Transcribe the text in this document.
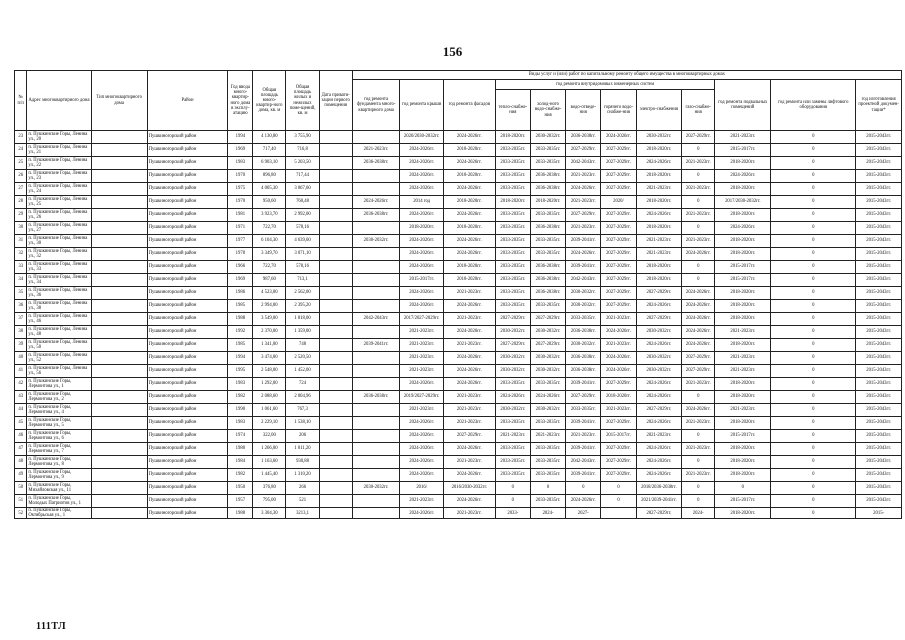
156
№ п/п	Адрес многоквартирного дома	Тип многоквартирного дома	Район	Год ввода много-квартир-ного дома в эксплу-атацию	Общая площадь много-квартир-ного дома, кв. м	Общая площадь жилых и нежилых поме-щений, кв. м	Дата привати-зации первого помещения	Виды услуг и (или) работ по капитальному ремонту общего имущества в многоквартирных домах											
								год ремонта фундамента много-квартирного дома	год ремонта крыши	год ремонта фасадов	год ремонта внутридомовых инженерных систем						год ремонта подвальных помещений	год ремонта или замены лифтового оборудования	год изготовления проектной докумен-тации*
											тепло-снабже-ния	холод-ного водо-снабже-ния	водо-отведе-ния	горячего водо-снабже-ния	электро-снабжения	газо-снабже-ния			
23	п. Пушкинские Горы, Ленина ул., 20		Пушкиногорский район	1994	4 130,80	3 755,90			2020/2030-2032гг.	2024-2026гг.	2018-2020гг.	2030-2032гг.	2036-2038гг.	2024-2026гг.	2030-2032гг.	2027-2029гг.	2021-2023гг.	0	2015-2043гг.
24	п. Пушкинские Горы, Ленина ул., 21		Пушкиногорский район	1969	717,40	716,8		2021-2023гг.	2024-2026гг.	2018-2020гг.	2033-2035гг.	2033-2035гг.	2027-2029гг.	2027-2029гг.	2018-2020гг.	0	2015-2017гг.	0	2015-2043гг.
25	п. Пушкинские Горы, Ленина ул., 22		Пушкиногорский район	1983	6 903,10	5 203,50		2036-2038гг.	2024-2026гг.	2024-2026гг.	2033-2035гг.	2033-2035гг.	2042-2043гг.	2027-2029гг.	2024-2026гг.	2021-2023гг.	2018-2020гг.	0	2015-2043гг.
26	п. Пушкинские Горы, Ленина ул., 23		Пушкиногорский район	1970	896,80	717,44			2024-2026гг.	2018-2020гг.	2033-2035гг.	2036-2038гг.	2021-2023гг.	2027-2029гг.	2018-2020гг.	0	2024-2026гг.	0	2015-2043гг.
27	п. Пушкинские Горы, Ленина ул., 24		Пушкиногорский район	1975	4 005,30	3 067,60			2024-2026гг.	2024-2026гг.	2033-2035гг.	2036-2038гг.	2024-2026гг.	2027-2029гг.	2021-2023гг.	2021-2023гг.	2018-2020гг.	0	2015-2043гг.
28	п. Пушкинские Горы, Ленина ул., 25		Пушкиногорский район	1970	950,60	760,48		2024-2026гг.	2014 год	2018-2020гг.	2018-2020гг.	2018-2020гг.	2021-2023гг.	2020/	2018-2020гг.	0	2017/2030-2032гг.	0	2015-2043гг.
29	п. Пушкинские Горы, Ленина ул., 26		Пушкиногорский район	1981	3 923,70	2 992,00		2036-2038гг.	2024-2026гг.	2024-2026гг.	2033-2035гг.	2033-2035гг.	2027-2029гг.	2027-2029гг.	2024-2026гг.	2021-2023гг.	2018-2020гг.	0	2015-2043гг.
30	п. Пушкинские Горы, Ленина ул., 27		Пушкиногорский район	1971	722,70	578,16			2018-2020гг.	2018-2020гг.	2033-2035гг.	2036-2038гг.	2021-2023гг.	2027-2029гг.	2018-2020гг.	0	2024-2026гг.	0	2015-2043гг.
31	п. Пушкинские Горы, Ленина ул., 30		Пушкиногорский район	1977	6 104,30	4 639,60		2030-2032гг.	2024-2026гг.	2024-2026гг.	2033-2035гг.	2033-2035гг.	2039-2041гг.	2027-2029гг.	2021-2023гг.	2021-2023гг.	2018-2020гг.	0	2015-2043гг.
32	п. Пушкинские Горы, Ленина ул., 32		Пушкиногорский район	1978	3 349,70	3 071,10			2024-2026гг.	2024-2026гг.	2033-2035гг.	2033-2035гг.	2024-2026гг.	2027-2029гг.	2021-2023гг.	2024-2026гг.	2018-2020гг.	0	2015-2043гг.
33	п. Пушкинские Горы, Ленина ул., 33		Пушкиногорский район	1966	722,70	578,16			2024-2026гг.	2018-2020гг.	2033-2035гг.	2036-2038гг.	2039-2041гг.	2027-2029гг.	2018-2020гг.	0	2015-2017гг.	0	2015-2043гг.
34	п. Пушкинские Горы, Ленина ул., 34		Пушкиногорский район	1969	987,60	713,1			2015-2017гг.	2018-2020гг.	2033-2035гг.	2036-2038гг.	2042-2043гг.	2027-2029гг.	2018-2020гг.	0	2015-2017гг.	0	2015-2043гг.
35	п. Пушкинские Горы, Ленина ул., 36		Пушкиногорский район	1986	4 523,00	2 562,00			2024-2026гг.	2021-2023гг.	2033-2035гг.	2036-2038гг.	2030-2032гг.	2027-2029гг.	2027-2029гг.	2024-2026гг.	2018-2020гг.	0	2015-2043гг.
36	п. Пушкинские Горы, Ленина ул., 38		Пушкиногорский район	1985	2 994,00	2 395,20			2024-2026гг.	2024-2026гг.	2033-2035гг.	2033-2035гг.	2030-2032гг.	2027-2029гг.	2024-2026гг.	2024-2026гг.	2018-2020гг.	0	2015-2043гг.
37	п. Пушкинские Горы, Ленина ул., 46		Пушкиногорский район	1988	3 549,00	1 818,00		2042-2043гг.	2017/2027-2029гг.	2021-2023гг.	2027-2029гг.	2027-2029гг.	2033-2035гг.	2021-2023гг.	2027-2029гг.	2024-2026гг.	2018-2020гг.	0	2015-2043гг.
38	п. Пушкинские Горы, Ленина ул., 48		Пушкиногорский район	1992	2 370,00	1 359,00			2021-2023гг.	2024-2026гг.	2030-2032гг.	2030-2032гг.	2036-2038гг.	2024-2026гг.	2030-2032гг.	2024-2026гг.	2021-2023гг.	0	2015-2043гг.
39	п. Пушкинские Горы, Ленина ул., 50		Пушкиногорский район	1985	1 341,00	748		2039-2041гг.	2021-2023гг.	2021-2023гг.	2027-2029гг.	2027-2029гг.	2030-2032гг.	2021-2023гг.	2024-2026гг.	2024-2026гг.	2018-2020гг.	0	2015-2043гг.
40	п. Пушкинские Горы, Ленина ул., 52		Пушкиногорский район	1994	3 474,00	2 520,50			2021-2023гг.	2024-2026гг.	2030-2032гг.	2030-2032гг.	2036-2038гг.	2024-2026гг.	2030-2032гг.	2027-2029гг.	2021-2023гг.	0	2015-2043гг.
41	п. Пушкинские Горы, Ленина ул., 56		Пушкиногорский район	1995	2 548,00	1 452,00			2021-2023гг.	2024-2026гг.	2030-2032гг.	2030-2032гг.	2036-2038гг.	2024-2026гг.	2030-2032гг.	2027-2029гг.	2021-2023гг.	0	2015-2043гг.
42	п. Пушкинские Горы, Лермонтова ул., 1		Пушкиногорский район	1983	1 292,00	724			2024-2026гг.	2024-2026гг.	2033-2035гг.	2033-2035гг.	2039-2041гг.	2027-2029гг.	2024-2026гг.	2021-2023гг.	2018-2020гг.	0	2015-2043гг.
43	п. Пушкинские Горы, Лермонтова ул., 2		Пушкиногорский район	1982	2 088,60	2 004,96		2036-2038гг.	2019/2027-2029гг.	2021-2023гг.	2024-2026гг.	2024-2026гг.	2027-2029гг.	2018-2020гг.	2024-2026гг.	0	2018-2020гг.	0	2015-2043гг.
44	п. Пушкинские Горы, Лермонтова ул., 4		Пушкиногорский район	1990	1 061,60	767,3			2021-2023гг.	2021-2023гг.	2030-2032гг.	2030-2032гг.	2033-2035гг.	2021-2023гг.	2027-2029гг.	2024-2026гг.	2021-2023гг.	0	2015-2043гг.
45	п. Пушкинские Горы, Лермонтова ул., 5		Пушкиногорский район	1983	2 229,10	1 538,10			2024-2026гг.	2021-2023гг.	2033-2035гг.	2033-2035гг.	2039-2041гг.	2027-2029гг.	2024-2026гг.	2021-2023гг.	2018-2020гг.	0	2015-2043гг.
46	п. Пушкинские Горы, Лермонтова ул., 6		Пушкиногорский район	1974	322,00	206			2024-2026гг.	2027-2029гг.	2021-2023гг.	2021-2023гг.	2021-2023гг.	2015-2017гг.	2021-2023гг.	0	2015-2017гг.	0	2015-2043гг.
47	п. Пушкинские Горы, Лермонтова ул., 7		Пушкиногорский район	1980	1 266,00	1 011,20			2024-2026гг.	2024-2026гг.	2033-2035гг.	2033-2035гг.	2039-2041гг.	2027-2029гг.	2024-2026гг.	2021-2023гг.	2018-2020гг.	0	2015-2043гг.
48	п. Пушкинские Горы, Лермонтова ул., 8		Пушкиногорский район	1984	1 163,60	930,88			2024-2026гг.	2021-2023гг.	2033-2035гг.	2033-2035гг.	2042-2043гг.	2027-2029гг.	2024-2026гг.	0	2018-2020гг.	0	2015-2043гг.
49	п. Пушкинские Горы, Лермонтова ул., 9		Пушкиногорский район	1982	1 445,40	1 310,20			2024-2026гг.	2024-2026гг.	2033-2035гг.	2033-2035гг.	2039-2041гг.	2027-2029гг.	2024-2026гг.	2021-2023гг.	2018-2020гг.	0	2015-2043гг.
50	п. Пушкинские Горы, Михайловская ул., 11		Пушкиногорский район	1950	376,80	266		2030-2032гг.	2016/	2016/2030-2032гг.	0	0	0	0	2018/2036-2038гг.	0	0	0	2015-2043гг.
51	п. Пушкинские Горы, Молодых Патриотов ул., 1		Пушкиногорский район	1957	795,00	521			2021-2023гг.	2024-2026гг.	0	2033-2035гг.	2024-2026гг.	0	2021/2039-2041гг.	0	2015-2017гг.	0	2015-2043гг.
52	п. Пушкинские Горы, Октябрьская ул., 1		Пушкиногорский район	1988	3 304,30	3213,1			2024-2026гг.	2021-2023гг.	2033-	2024-	2027-		2027-2029гг.	2024-	2018-2020гг.	0	2015-
111ТЛ
